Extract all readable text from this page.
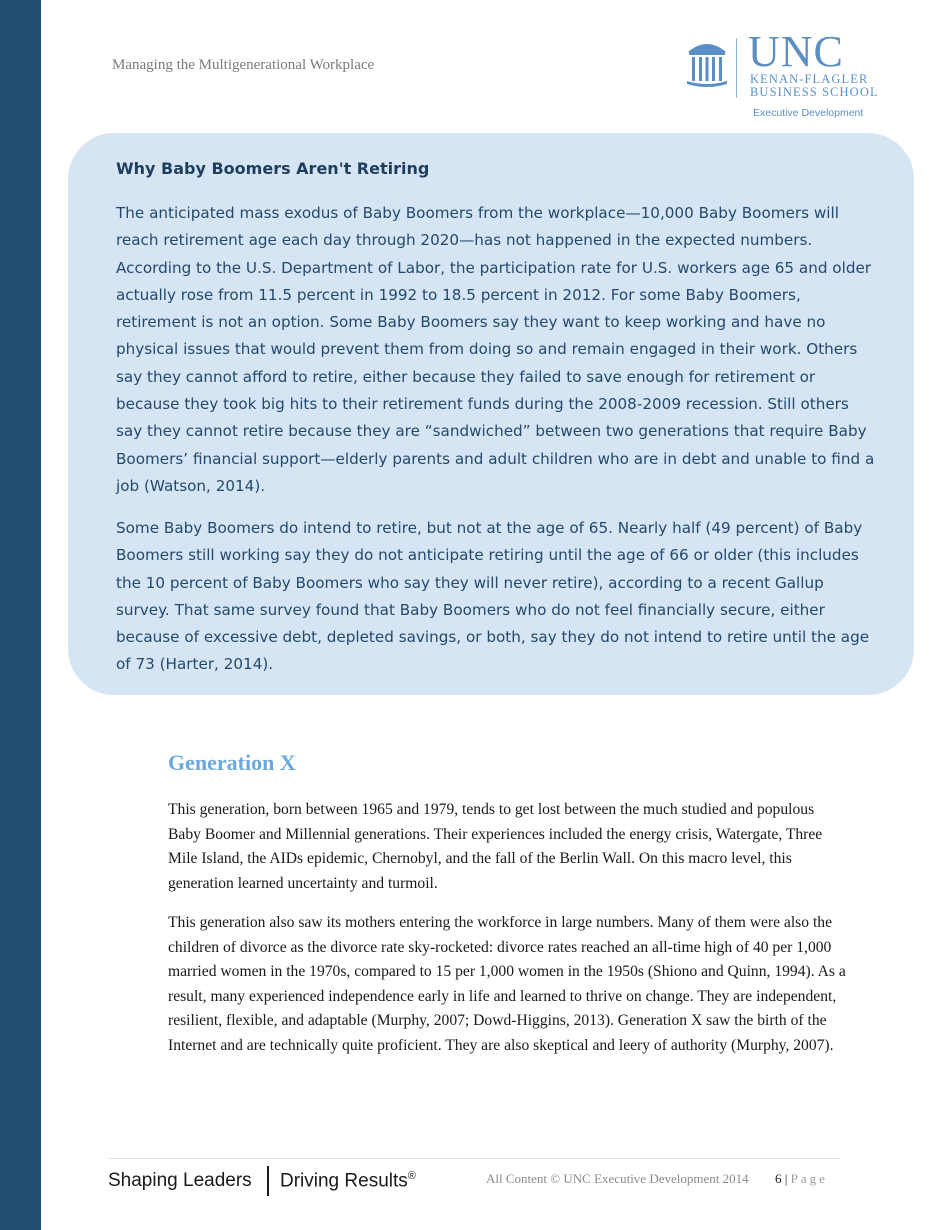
Managing the Multigenerational Workplace	UNC
KENAN-FLAGLER
BUSINESS SCHOOL
Executive Development
Why Baby Boomers Aren't Retiring

The anticipated mass exodus of Baby Boomers from the workplace—10,000 Baby Boomers will reach retirement age each day through 2020—has not happened in the expected numbers. According to the U.S. Department of Labor, the participation rate for U.S. workers age 65 and older actually rose from 11.5 percent in 1992 to 18.5 percent in 2012. For some Baby Boomers, retirement is not an option. Some Baby Boomers say they want to keep working and have no physical issues that would prevent them from doing so and remain engaged in their work. Others say they cannot afford to retire, either because they failed to save enough for retirement or because they took big hits to their retirement funds during the 2008-2009 recession. Still others say they cannot retire because they are “sandwiched” between two generations that require Baby Boomers’ financial support—elderly parents and adult children who are in debt and unable to find a job (Watson, 2014).

Some Baby Boomers do intend to retire, but not at the age of 65. Nearly half (49 percent) of Baby Boomers still working say they do not anticipate retiring until the age of 66 or older (this includes the 10 percent of Baby Boomers who say they will never retire), according to a recent Gallup survey. That same survey found that Baby Boomers who do not feel financially secure, either because of excessive debt, depleted savings, or both, say they do not intend to retire until the age of 73 (Harter, 2014).

Generation X

This generation, born between 1965 and 1979, tends to get lost between the much studied and populous Baby Boomer and Millennial generations. Their experiences included the energy crisis, Watergate, Three Mile Island, the AIDs epidemic, Chernobyl, and the fall of the Berlin Wall. On this macro level, this generation learned uncertainty and turmoil.

This generation also saw its mothers entering the workforce in large numbers. Many of them were also the children of divorce as the divorce rate sky-rocketed: divorce rates reached an all-time high of 40 per 1,000 married women in the 1970s, compared to 15 per 1,000 women in the 1950s (Shiono and Quinn, 1994). As a result, many experienced independence early in life and learned to thrive on change. They are independent, resilient, flexible, and adaptable (Murphy, 2007; Dowd-Higgins, 2013). Generation X saw the birth of the Internet and are technically quite proficient. They are also skeptical and leery of authority (Murphy, 2007).

Shaping Leaders Driving Results®	All Content © UNC Executive Development 2014 6 | Page
